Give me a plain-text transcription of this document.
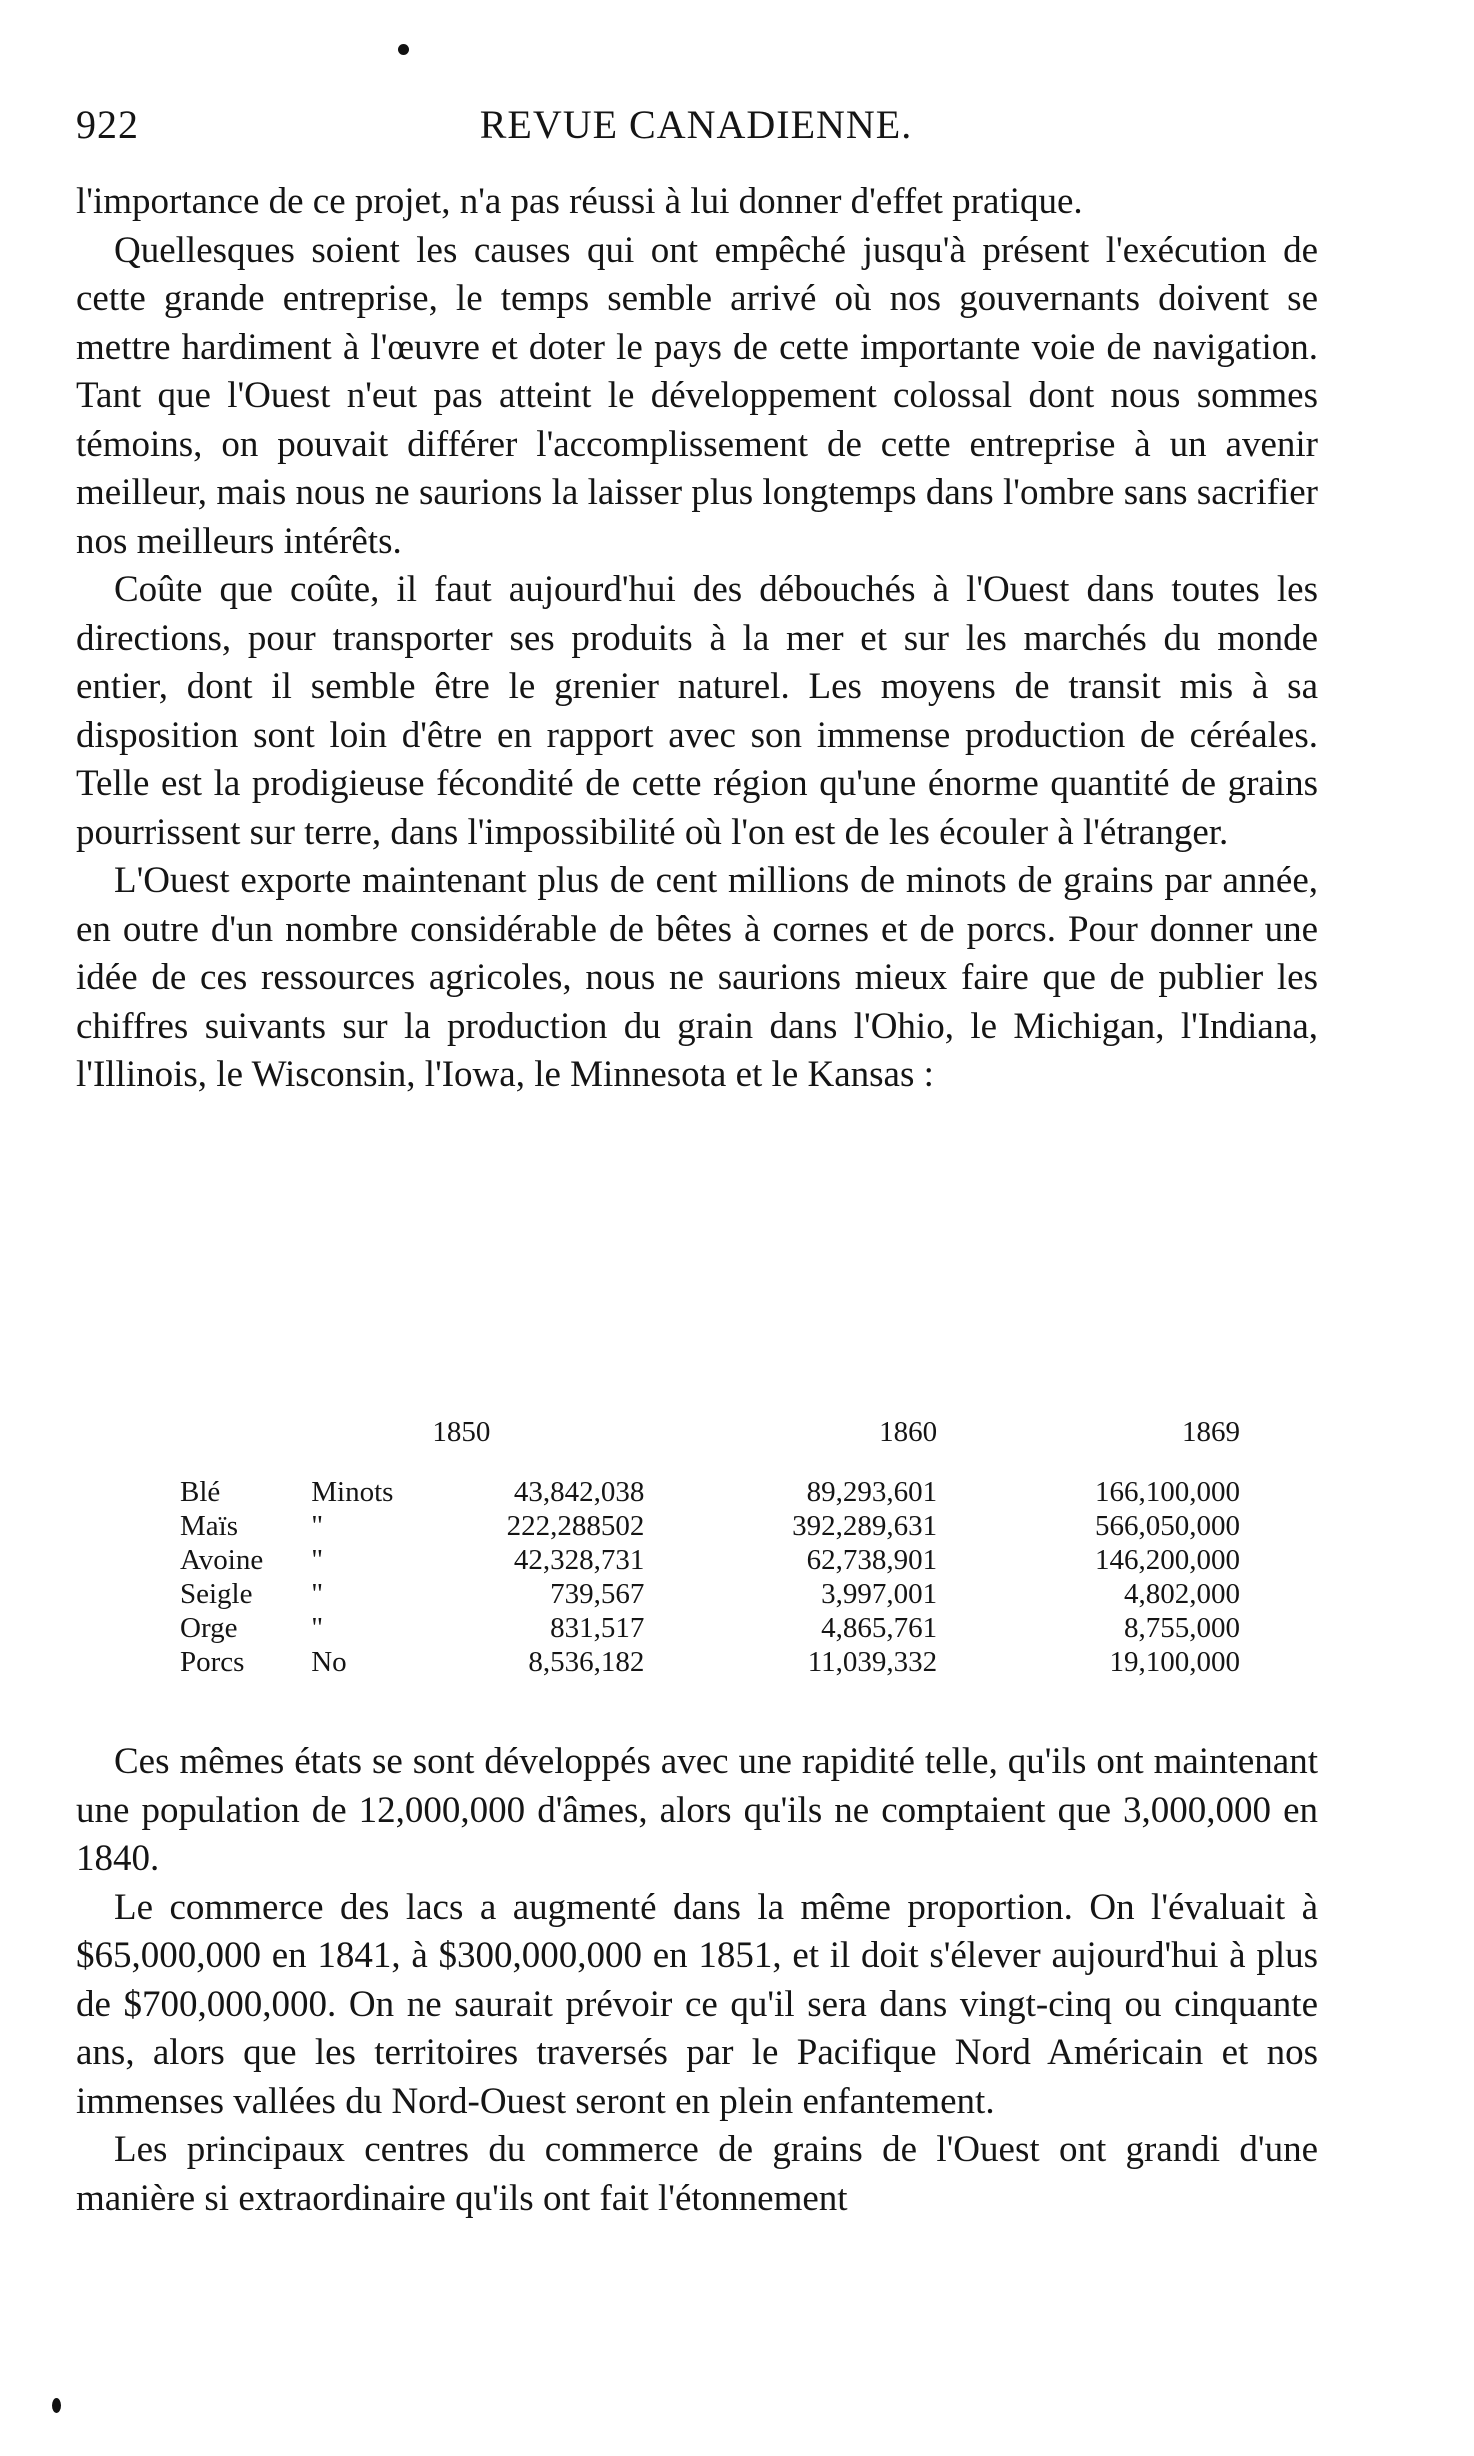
922	REVUE CANADIENNE.

l'importance de ce projet, n'a pas réussi à lui donner d'effet pratique.

Quellesques soient les causes qui ont empêché jusqu'à présent l'exécution de cette grande entreprise, le temps semble arrivé où nos gouvernants doivent se mettre hardiment à l'œuvre et doter le pays de cette importante voie de navigation. Tant que l'Ouest n'eut pas atteint le développement colossal dont nous sommes témoins, on pouvait différer l'accomplissement de cette entreprise à un avenir meilleur, mais nous ne saurions la laisser plus longtemps dans l'ombre sans sacrifier nos meilleurs intérêts.

Coûte que coûte, il faut aujourd'hui des débouchés à l'Ouest dans toutes les directions, pour transporter ses produits à la mer et sur les marchés du monde entier, dont il semble être le grenier naturel. Les moyens de transit mis à sa disposition sont loin d'être en rapport avec son immense production de céréales. Telle est la prodigieuse fécondité de cette région qu'une énorme quantité de grains pourrissent sur terre, dans l'impossibilité où l'on est de les écouler à l'étranger.

L'Ouest exporte maintenant plus de cent millions de minots de grains par année, en outre d'un nombre considérable de bêtes à cornes et de porcs. Pour donner une idée de ces ressources agricoles, nous ne saurions mieux faire que de publier les chiffres suivants sur la production du grain dans l'Ohio, le Michigan, l'Indiana, l'Illinois, le Wisconsin, l'Iowa, le Minnesota et le Kansas :

		1850	1860	1869
Blé	Minots	43,842,038	89,293,601	166,100,000
Maïs	"	222,288502	392,289,631	566,050,000
Avoine	"	42,328,731	62,738,901	146,200,000
Seigle	"	739,567	3,997,001	4,802,000
Orge	"	831,517	4,865,761	8,755,000
Porcs	No	8,536,182	11,039,332	19,100,000

Ces mêmes états se sont développés avec une rapidité telle, qu'ils ont maintenant une population de 12,000,000 d'âmes, alors qu'ils ne comptaient que 3,000,000 en 1840.

Le commerce des lacs a augmenté dans la même proportion. On l'évaluait à $65,000,000 en 1841, à $300,000,000 en 1851, et il doit s'élever aujourd'hui à plus de $700,000,000. On ne saurait prévoir ce qu'il sera dans vingt-cinq ou cinquante ans, alors que les territoires traversés par le Pacifique Nord Américain et nos immenses vallées du Nord-Ouest seront en plein enfantement.

Les principaux centres du commerce de grains de l'Ouest ont grandi d'une manière si extraordinaire qu'ils ont fait l'étonnement
